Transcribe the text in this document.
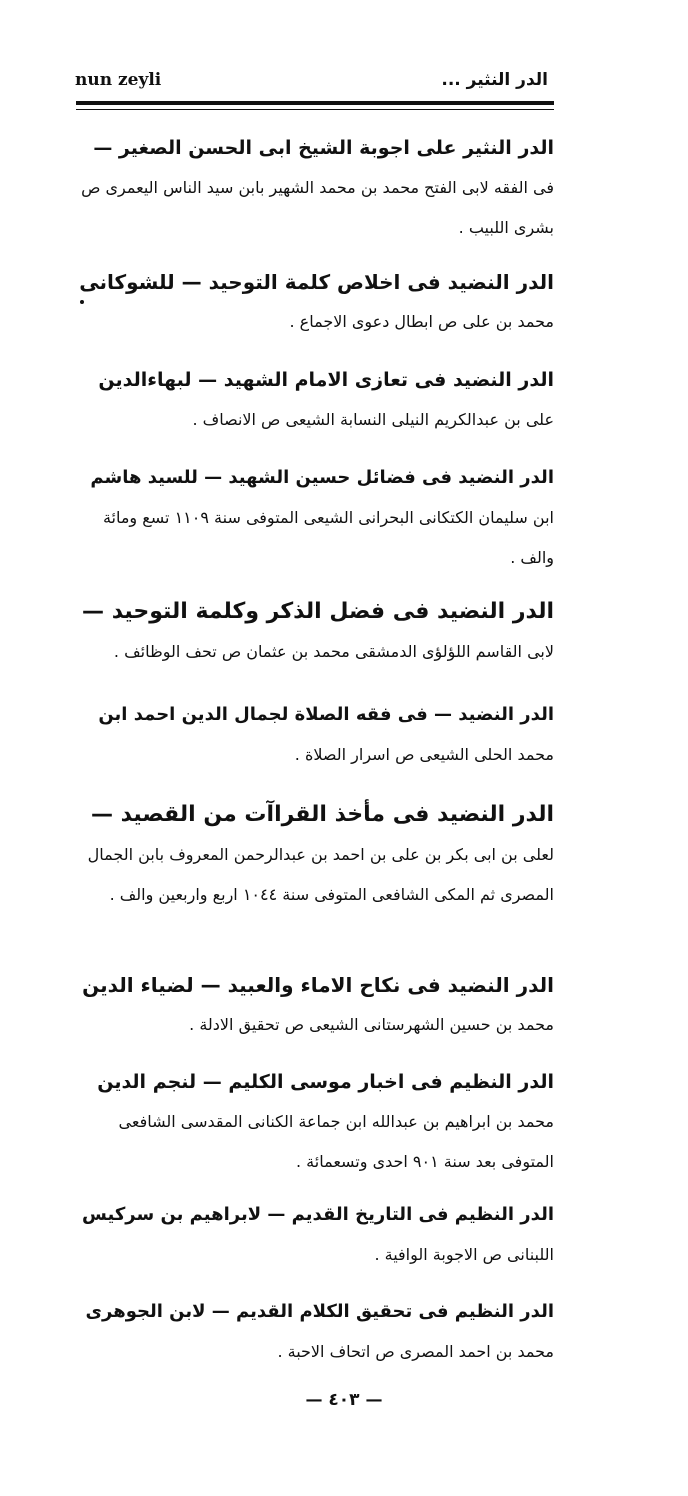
nun zeyli	الدر النثير ...
الدر النثير على اجوبة الشيخ ابى الحسن الصغير —
فى الفقه لابى الفتح محمد بن محمد الشهير بابن سيد الناس اليعمرى ص بشرى اللبيب .
الدر النضيد فى اخلاص كلمة التوحيد — للشوكانى
محمد بن على ص ابطال دعوى الاجماع .
الدر النضيد فى تعازى الامام الشهيد — لبهاءالدين
على بن عبدالكريم النيلى النسابة الشيعى ص الانصاف .
الدر النضيد فى فضائل حسين الشهيد — للسيد هاشم
ابن سليمان الكتكانى البحرانى الشيعى المتوفى سنة ١١٠٩ تسع ومائة والف .
الدر النضيد فى فضل الذكر وكلمة التوحيد —
لابى القاسم اللؤلؤى الدمشقى محمد بن عثمان ص تحف الوظائف .
الدر النضيد — فى فقه الصلاة لجمال الدين احمد ابن
محمد الحلى الشيعى ص اسرار الصلاة .
الدر النضيد فى مأخذ القراآت من القصيد —
لعلى بن ابى بكر بن على بن احمد بن عبدالرحمن المعروف بابن الجمال المصرى ثم المكى الشافعى المتوفى سنة ١٠٤٤ اربع واربعين والف .
الدر النضيد فى نكاح الاماء والعبيد — لضياء الدين
محمد بن حسين الشهرستانى الشيعى ص تحقيق الادلة .
الدر النظيم فى اخبار موسى الكليم — لنجم الدين
محمد بن ابراهيم بن عبدالله ابن جماعة الكنانى المقدسى الشافعى المتوفى بعد سنة ٩٠١ احدى وتسعمائة .
الدر النظيم فى التاريخ القديم — لابراهيم بن سركيس
اللبنانى ص الاجوبة الوافية .
الدر النظيم فى تحقيق الكلام القديم — لابن الجوهرى
محمد بن احمد المصرى ص اتحاف الاحبة .
— ٤٠٣ —
